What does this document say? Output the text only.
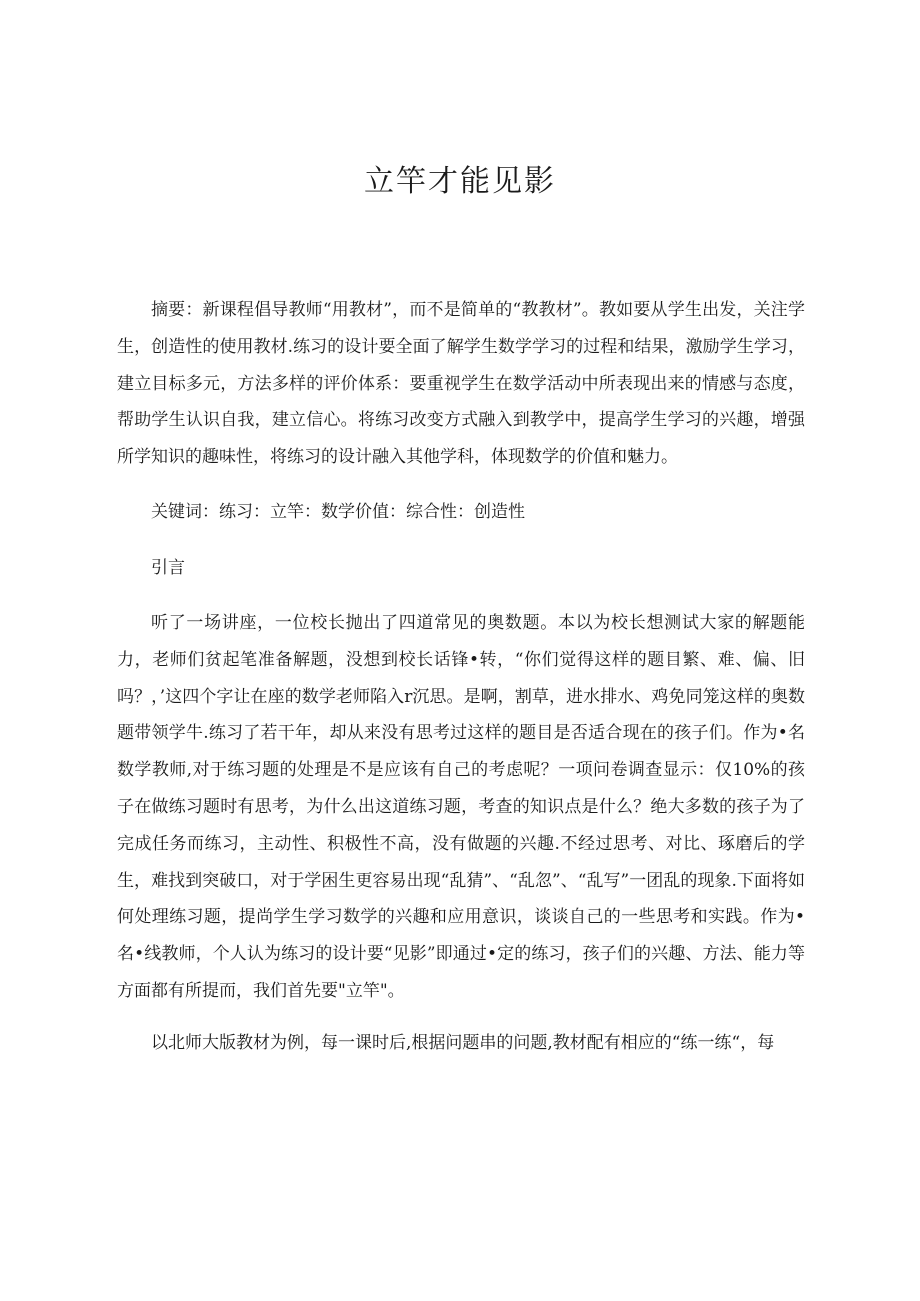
立竿才能见影

摘要：新课程倡导教师“用教材”，而不是简单的“教教材”。教如要从学生出发，关注学生，创造性的使用教材.练习的设计要全面了解学生数学学习的过程和结果，激励学生学习，建立目标多元，方法多样的评价体系：要重视学生在数学活动中所表现出来的情感与态度，帮助学生认识自我，建立信心。将练习改变方式融入到教学中，提高学生学习的兴趣，增强所学知识的趣味性，将练习的设计融入其他学科，体现数学的价值和魅力。

关键词：练习：立竿：数学价值：综合性：创造性

引言

听了一场讲座，一位校长抛出了四道常见的奥数题。本以为校长想测试大家的解题能力，老师们贫起笔准备解题，没想到校长话锋•转，“你们觉得这样的题目繁、难、偏、旧吗？，’这四个字让在座的数学老师陷入r沉思。是啊，割草，进水排水、鸡免同笼这样的奥数题带领学牛.练习了若干年，却从来没有思考过这样的题目是否适合现在的孩子们。作为•名数学教师,对于练习题的处理是不是应该有自己的考虑呢？一项问卷调查显示：仅10%的孩子在做练习题时有思考，为什么出这道练习题，考查的知识点是什么？绝大多数的孩子为了完成任务而练习，主动性、积极性不高，没有做题的兴趣.不经过思考、对比、琢磨后的学生，难找到突破口，对于学困生更容易出现“乱猜”、“乱忽”、“乱写”一团乱的现象.下面将如何处理练习题，提尚学生学习数学的兴趣和应用意识，谈谈自己的一些思考和实践。作为•名•线教师，个人认为练习的设计要“见影”即通过•定的练习，孩子们的兴趣、方法、能力等方面都有所提而，我们首先要"立竿"。

以北师大版教材为例，每一课时后,根据问题串的问题,教材配有相应的“练一练“，每
